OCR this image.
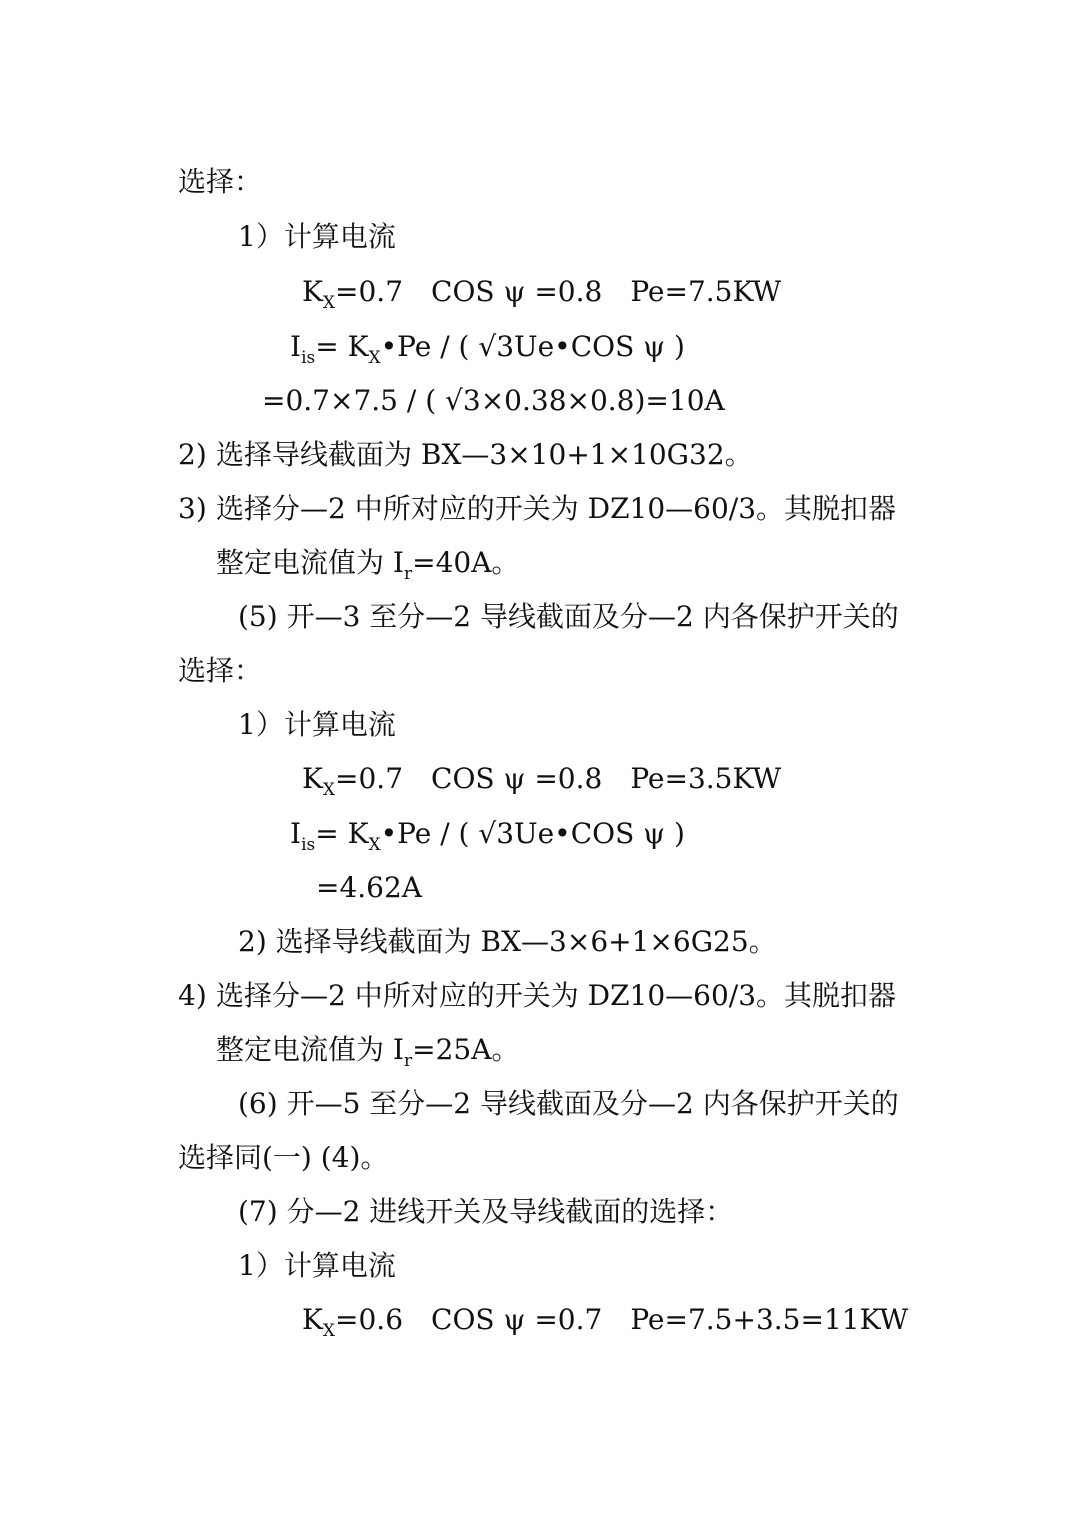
选择：
1）计算电流
$K_X=0.7$ COS ψ =0.8 Pe=7.5KW
$I_{is}=$ $K_X•Pe$ / ( √3Ue•COS ψ )
=0.7×7.5 / ( √3×0.38×0.8)=10A
2) 选择导线截面为 BX—3×10+1×10G32。
3) 选择分—2 中所对应的开关为 DZ10—60/3。其脱扣器
整定电流值为 $I_r=40A$。
(5) 开—3 至分—2 导线截面及分—2 内各保护开关的
选择：
1）计算电流
$K_X=0.7$ COS ψ =0.8 Pe=3.5KW
$I_{is}=$ $K_X•Pe$ / ( √3Ue•COS ψ )
=4.62A
2) 选择导线截面为 BX—3×6+1×6G25。
4) 选择分—2 中所对应的开关为 DZ10—60/3。其脱扣器
整定电流值为 $I_r=25A$。
(6) 开—5 至分—2 导线截面及分—2 内各保护开关的
选择同(一) (4)。
(7) 分—2 进线开关及导线截面的选择：
1）计算电流
$K_X=0.6$ COS ψ =0.7 Pe=7.5+3.5=11KW
